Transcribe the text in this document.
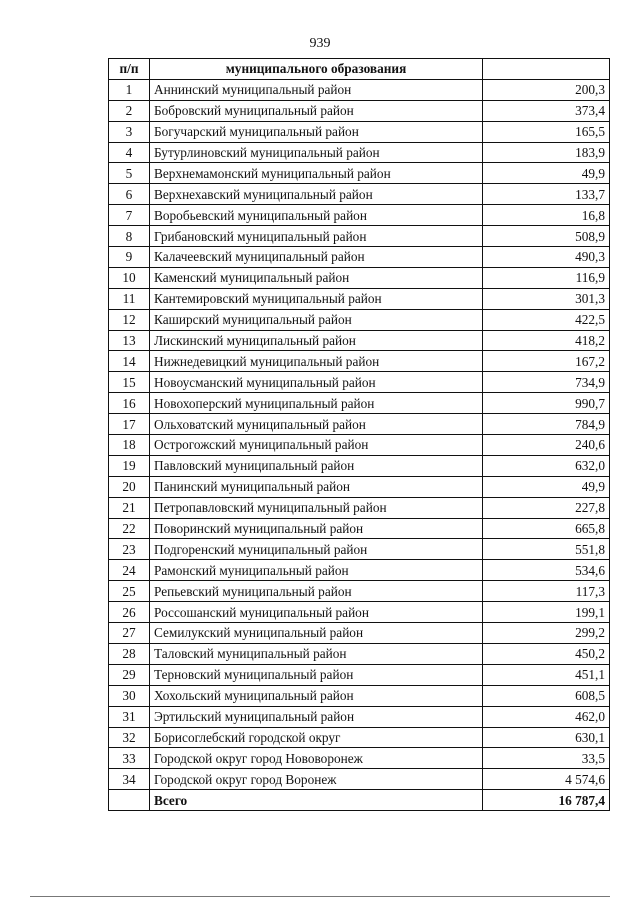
939
п/п	муниципального образования	
1	Аннинский муниципальный район	200,3
2	Бобровский муниципальный район	373,4
3	Богучарский муниципальный район	165,5
4	Бутурлиновский муниципальный район	183,9
5	Верхнемамонский муниципальный район	49,9
6	Верхнехавский муниципальный район	133,7
7	Воробьевский муниципальный район	16,8
8	Грибановский муниципальный район	508,9
9	Калачеевский муниципальный район	490,3
10	Каменский муниципальный район	116,9
11	Кантемировский муниципальный район	301,3
12	Каширский муниципальный район	422,5
13	Лискинский муниципальный район	418,2
14	Нижнедевицкий муниципальный район	167,2
15	Новоусманский муниципальный район	734,9
16	Новохоперский муниципальный район	990,7
17	Ольховатский муниципальный район	784,9
18	Острогожский муниципальный район	240,6
19	Павловский муниципальный район	632,0
20	Панинский муниципальный район	49,9
21	Петропавловский муниципальный район	227,8
22	Поворинский муниципальный район	665,8
23	Подгоренский муниципальный район	551,8
24	Рамонский муниципальный район	534,6
25	Репьевский муниципальный район	117,3
26	Россошанский муниципальный район	199,1
27	Семилукский муниципальный район	299,2
28	Таловский муниципальный район	450,2
29	Терновский муниципальный район	451,1
30	Хохольский муниципальный район	608,5
31	Эртильский муниципальный район	462,0
32	Борисоглебский городской округ	630,1
33	Городской округ город Нововоронеж	33,5
34	Городской округ город Воронеж	4 574,6
	Всего	16 787,4
